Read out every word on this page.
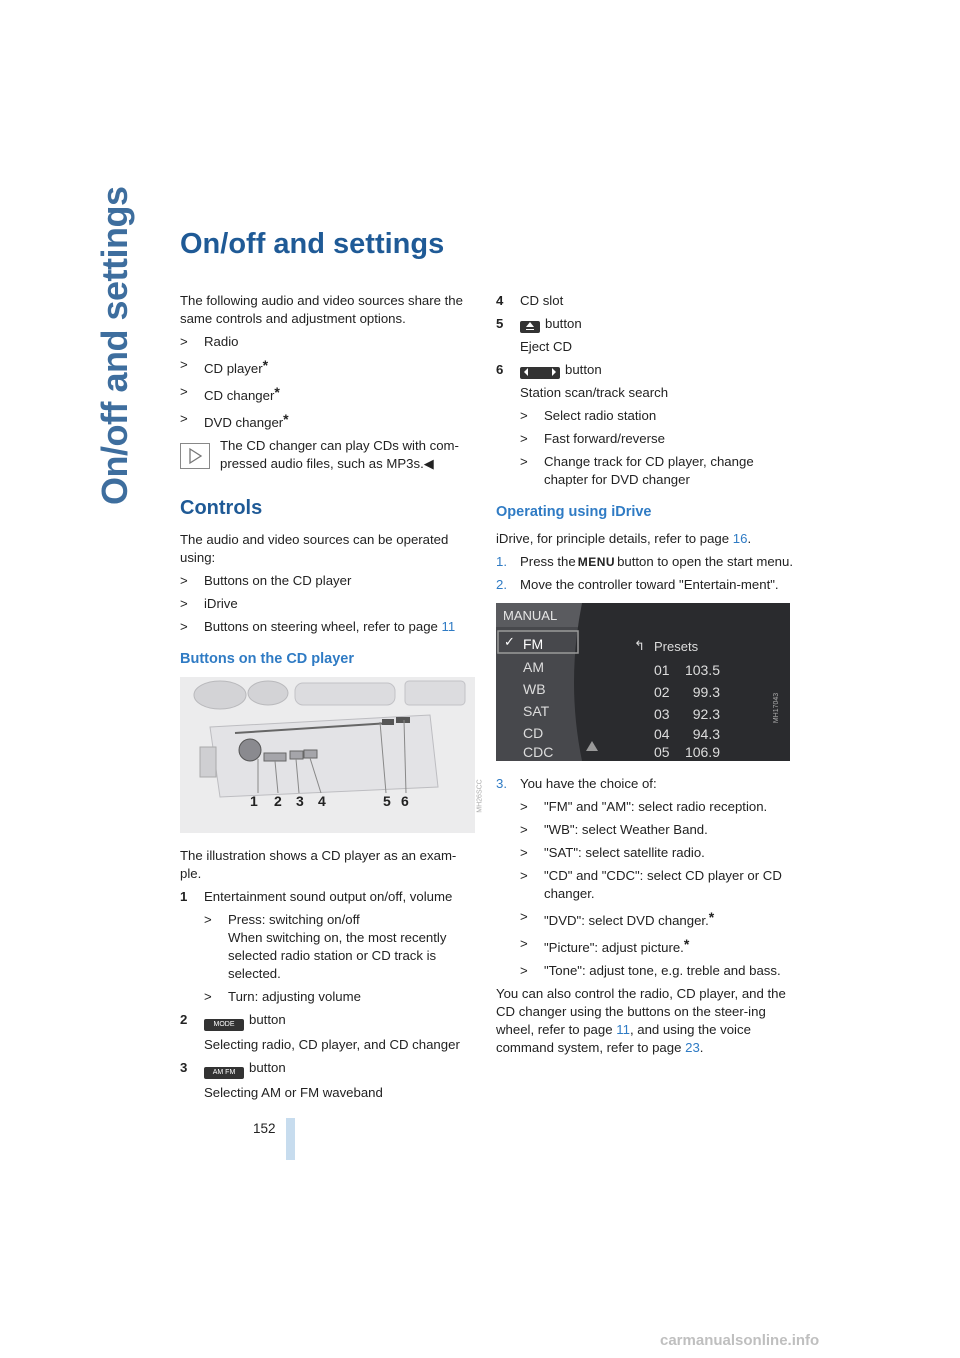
On/off and settings On/off and settings

The following audio and video sources share the same controls and adjustment options.

>	Radio
>	CD player*
>	CD changer*
>	DVD changer*
The CD changer can play CDs with com-pressed audio files, such as MP3s.◀
Controls

The audio and video sources can be operated using:

>	Buttons on the CD player
>	iDrive
>	Buttons on steering wheel, refer to page 11
Buttons on the CD player
1 2 3 4	5 6	MH26SCC

The illustration shows a CD player as an exam-ple.

1	Entertainment sound output on/off, volume
>	Press: switching on/off
When switching on, the most recently selected radio station or CD track is selected.
>	Turn: adjusting volume
2	MODE button

Selecting radio, CD player, and CD changer

3	AM FM button

Selecting AM or FM waveband

4	CD slot
5	button

Eject CD

6	button

Station scan/track search

>	Select radio station
>	Fast forward/reverse
>	Change track for CD player, change chapter for DVD changer
Operating using iDrive

iDrive, for principle details, refer to page 16.

1. Press the MENU button to open the start menu.
2. Move the controller toward "Entertain-ment".
MANUAL
✓ FM
AM
WB
SAT
CD
CDC
↰ Presets
01	103.5
02	99.3
03	92.3
04	94.3
05	106.9
MH17043
3. You have the choice of:
>	"FM" and "AM": select radio reception.
>	"WB": select Weather Band.
>	"SAT": select satellite radio.
>	"CD" and "CDC": select CD player or CD changer.
>	"DVD": select DVD changer.*
>	"Picture": adjust picture.*
>	"Tone": adjust tone, e.g. treble and bass.

You can also control the radio, CD player, and the CD changer using the buttons on the steer-ing wheel, refer to page 11, and using the voice command system, refer to page 23.

152
carmanualsonline.info
